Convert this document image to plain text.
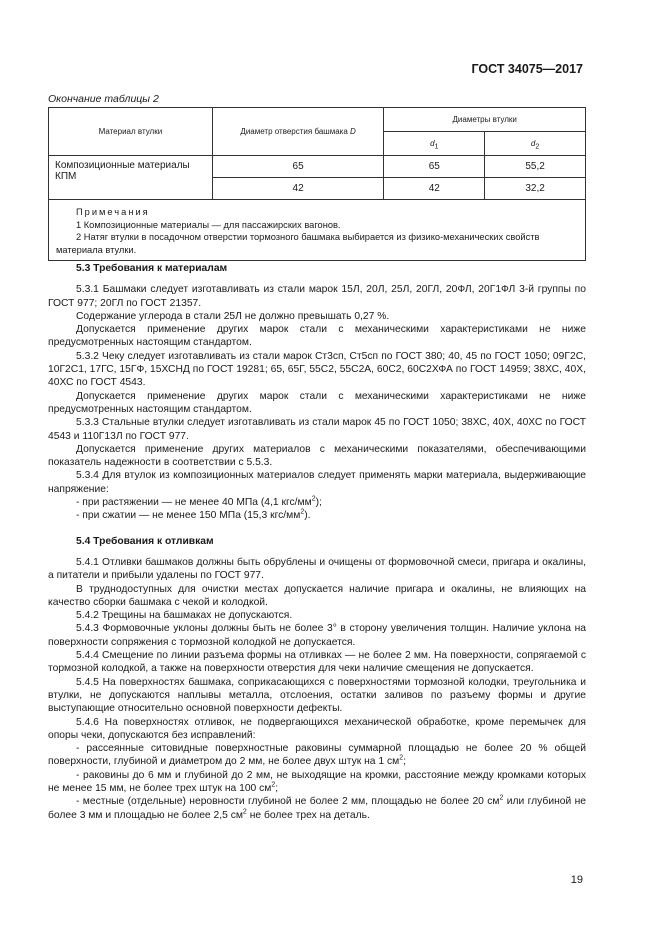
ГОСТ 34075—2017
Окончание таблицы 2
Материал втулки	Диаметр отверстия башмака D	Диаметры втулки	
		$d_1$	$d_2$
Композиционные материалы КПМ	65	65	55,2
	42	42	32,2

Примечания
1 Композиционные материалы — для пассажирских вагонов.
2 Натяг втулки в посадочном отверстии тормозного башмака выбирается из физико-механических свойств материала втулки.			
5.3 Требования к материалам

5.3.1 Башмаки следует изготавливать из стали марок 15Л, 20Л, 25Л, 20ГЛ, 20ФЛ, 20Г1ФЛ 3-й группы по ГОСТ 977; 20ГЛ по ГОСТ 21357.

Содержание углерода в стали 25Л не должно превышать 0,27 %.

Допускается применение других марок стали с механическими характеристиками не ниже предусмотренных настоящим стандартом.

5.3.2 Чеку следует изготавливать из стали марок Ст3сп, Ст5сп по ГОСТ 380; 40, 45 по ГОСТ 1050; 09Г2С, 10Г2С1, 17ГС, 15ГФ, 15ХСНД по ГОСТ 19281; 65, 65Г, 55С2, 55С2А, 60С2, 60С2ХФА по ГОСТ 14959; 38ХС, 40Х, 40ХС по ГОСТ 4543.

Допускается применение других марок стали с механическими характеристиками не ниже предусмотренных настоящим стандартом.

5.3.3 Стальные втулки следует изготавливать из стали марок 45 по ГОСТ 1050; 38ХС, 40Х, 40ХС по ГОСТ 4543 и 110Г13Л по ГОСТ 977.

Допускается применение других материалов с механическими показателями, обеспечивающими показатель надежности в соответствии с 5.5.3.

5.3.4 Для втулок из композиционных материалов следует применять марки материала, выдерживающие напряжение:

- при растяжении — не менее 40 МПа (4,1 кгс/$мм^2$);

- при сжатии — не менее 150 МПа (15,3 кгс/$мм^2$).

5.4 Требования к отливкам

5.4.1 Отливки башмаков должны быть обрублены и очищены от формовочной смеси, пригара и окалины, а питатели и прибыли удалены по ГОСТ 977.

В труднодоступных для очистки местах допускается наличие пригара и окалины, не влияющих на качество сборки башмака с чекой и колодкой.

5.4.2 Трещины на башмаках не допускаются.

5.4.3 Формовочные уклоны должны быть не более 3° в сторону увеличения толщин. Наличие уклона на поверхности сопряжения с тормозной колодкой не допускается.

5.4.4 Смещение по линии разъема формы на отливках — не более 2 мм. На поверхности, сопрягаемой с тормозной колодкой, а также на поверхности отверстия для чеки наличие смещения не допускается.

5.4.5 На поверхностях башмака, соприкасающихся с поверхностями тормозной колодки, треугольника и втулки, не допускаются наплывы металла, отслоения, остатки заливов по разъему формы и другие выступающие относительно основной поверхности дефекты.

5.4.6 На поверхностях отливок, не подвергающихся механической обработке, кроме перемычек для опоры чеки, допускаются без исправлений:

- рассеянные ситовидные поверхностные раковины суммарной площадью не более 20 % общей поверхности, глубиной и диаметром до 2 мм, не более двух штук на 1 $см^2$;

- раковины до 6 мм и глубиной до 2 мм, не выходящие на кромки, расстояние между кромками которых не менее 15 мм, не более трех штук на 100 $см^2$;

- местные (отдельные) неровности глубиной не более 2 мм, площадью не более 20 $см^2$ или глубиной не более 3 мм и площадью не более 2,5 $см^2$ не более трех на деталь.

19
